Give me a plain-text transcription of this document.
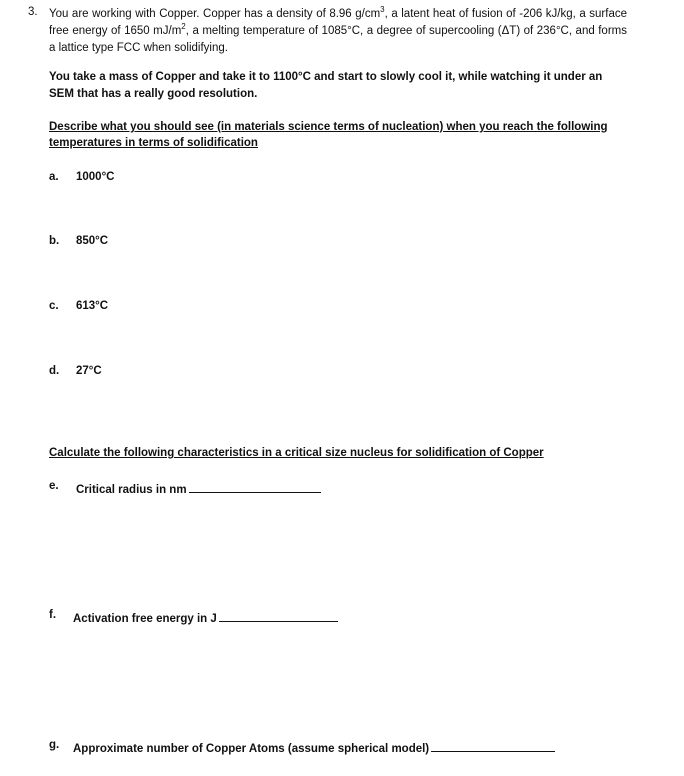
3. You are working with Copper. Copper has a density of 8.96 $g/cm^3$, a latent heat of fusion of -206 kJ/kg, a surface free energy of 1650 $mJ/m^2$, a melting temperature of 1085°C, a degree of supercooling (ΔT) of 236°C, and forms a lattice type FCC when solidifying.
You take a mass of Copper and take it to 1100°C and start to slowly cool it, while watching it under an SEM that has a really good resolution.
Describe what you should see (in materials science terms of nucleation) when you reach the following temperatures in terms of solidification
a. 1000°C
b. 850°C
c. 613°C
d. 27°C
Calculate the following characteristics in a critical size nucleus for solidification of Copper
e. Critical radius in nm
f. Activation free energy in J
g. Approximate number of Copper Atoms (assume spherical model)
